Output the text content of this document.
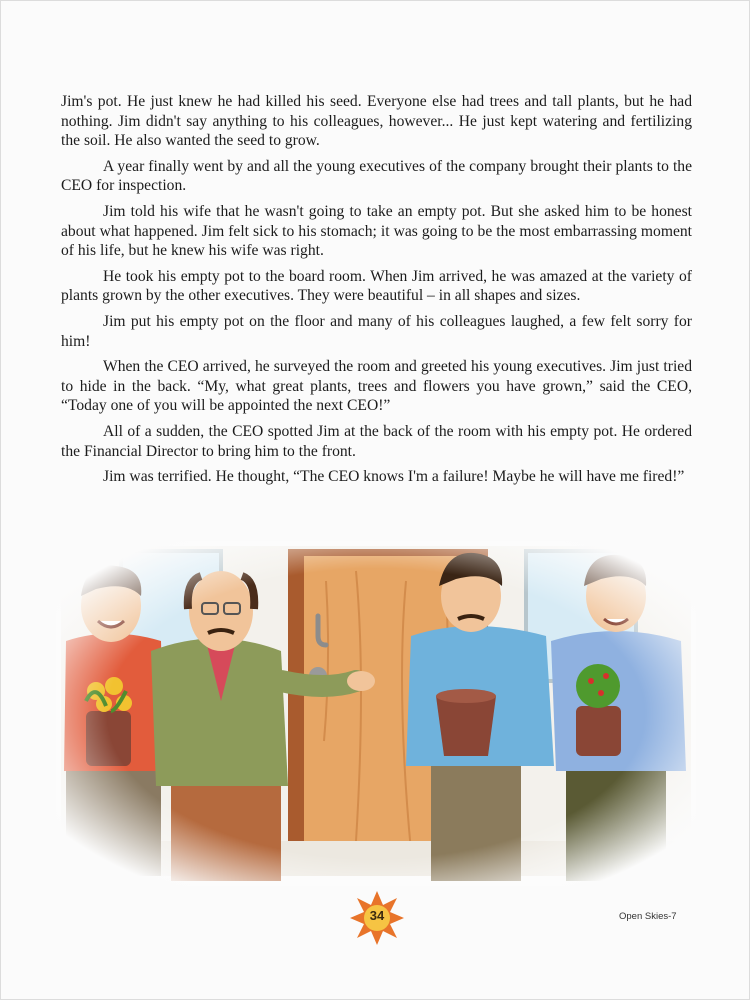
Jim's pot. He just knew he had killed his seed. Everyone else had trees and tall plants, but he had nothing. Jim didn't say anything to his colleagues, however... He just kept watering and fertilizing the soil. He also wanted the seed to grow.

A year finally went by and all the young executives of the company brought their plants to the CEO for inspection.

Jim told his wife that he wasn't going to take an empty pot. But she asked him to be honest about what happened. Jim felt sick to his stomach; it was going to be the most embarrassing moment of his life, but he knew his wife was right.

He took his empty pot to the board room. When Jim arrived, he was amazed at the variety of plants grown by the other executives. They were beautiful – in all shapes and sizes.

Jim put his empty pot on the floor and many of his colleagues laughed, a few felt sorry for him!

When the CEO arrived, he surveyed the room and greeted his young executives. Jim just tried to hide in the back. “My, what great plants, trees and flowers you have grown,” said the CEO, “Today one of you will be appointed the next CEO!”

All of a sudden, the CEO spotted Jim at the back of the room with his empty pot. He ordered the Financial Director to bring him to the front.

Jim was terrified. He thought, “The CEO knows I'm a failure! Maybe he will have me fired!”

34	Open Skies-7
